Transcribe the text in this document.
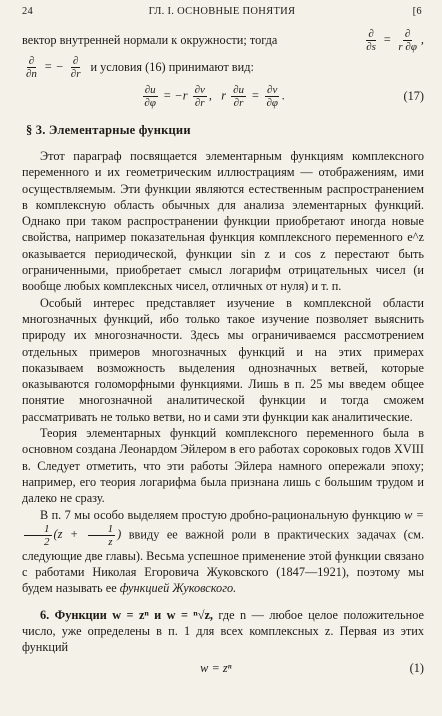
24	ГЛ. I. ОСНОВНЫЕ ПОНЯТИЯ	[6
вектор внутренней нормали к окружности; тогда	$\frac{\partial}{\partial s} = \frac{\partial}{r \partial\varphi}$ ,
$\frac{\partial}{\partial n}$ = − $\frac{\partial}{\partial r}$ и условия (16) принимают вид:
$\frac{\partial u}{\partial\varphi} = -r \frac{\partial v}{\partial r}$ ,   r $\frac{\partial u}{\partial r} = \frac{\partial v}{\partial\varphi}$ .	(17)
§ 3. Элементарные функции

Этот параграф посвящается элементарным функциям комплексного переменного и их геометрическим иллюстрациям — отображениям, ими осуществляемым. Эти функции являются естественным распространением в комплексную область обычных для анализа элементарных функций. Однако при таком распространении функции приобретают иногда новые свойства, например показательная функция комплексного переменного e^z оказывается периодической, функции sin z и cos z перестают быть ограниченными, приобретает смысл логарифм отрицательных чисел (и вообще любых комплексных чисел, отличных от нуля) и т. п.

Особый интерес представляет изучение в комплексной области многозначных функций, ибо только такое изучение позволяет выяснить природу их многозначности. Здесь мы ограничиваемся рассмотрением отдельных примеров многозначных функций и на этих примерах показываем возможность выделения однозначных ветвей, которые оказываются голоморфными функциями. Лишь в п. 25 мы введем общее понятие многозначной аналитической функции и тогда сможем рассматривать не только ветви, но и сами эти функции как аналитические.

Теория элементарных функций комплексного переменного была в основном создана Леонардом Эйлером в его работах сороковых годов XVIII в. Следует отметить, что эти работы Эйлера намного опережали эпоху; например, его теория логарифма была признана лишь с большим трудом и далеко не сразу.

В п. 7 мы особо выделяем простую дробно-рациональную функцию w =
$\frac{1}{2} (z + \frac{1}{z}$ ) ввиду ее важной роли в практических задачах (см. следующие две главы). Весьма успешное применение этой функции связано с работами Николая Егоровича Жуковского (1847—1921), поэтому мы будем называть ее функцией Жуковского.

6. Функции w = zⁿ и w = ⁿ√z, где n — любое целое положительное число, уже определены в п. 1 для всех комплексных z. Первая из этих функций

w = zⁿ	(1)
